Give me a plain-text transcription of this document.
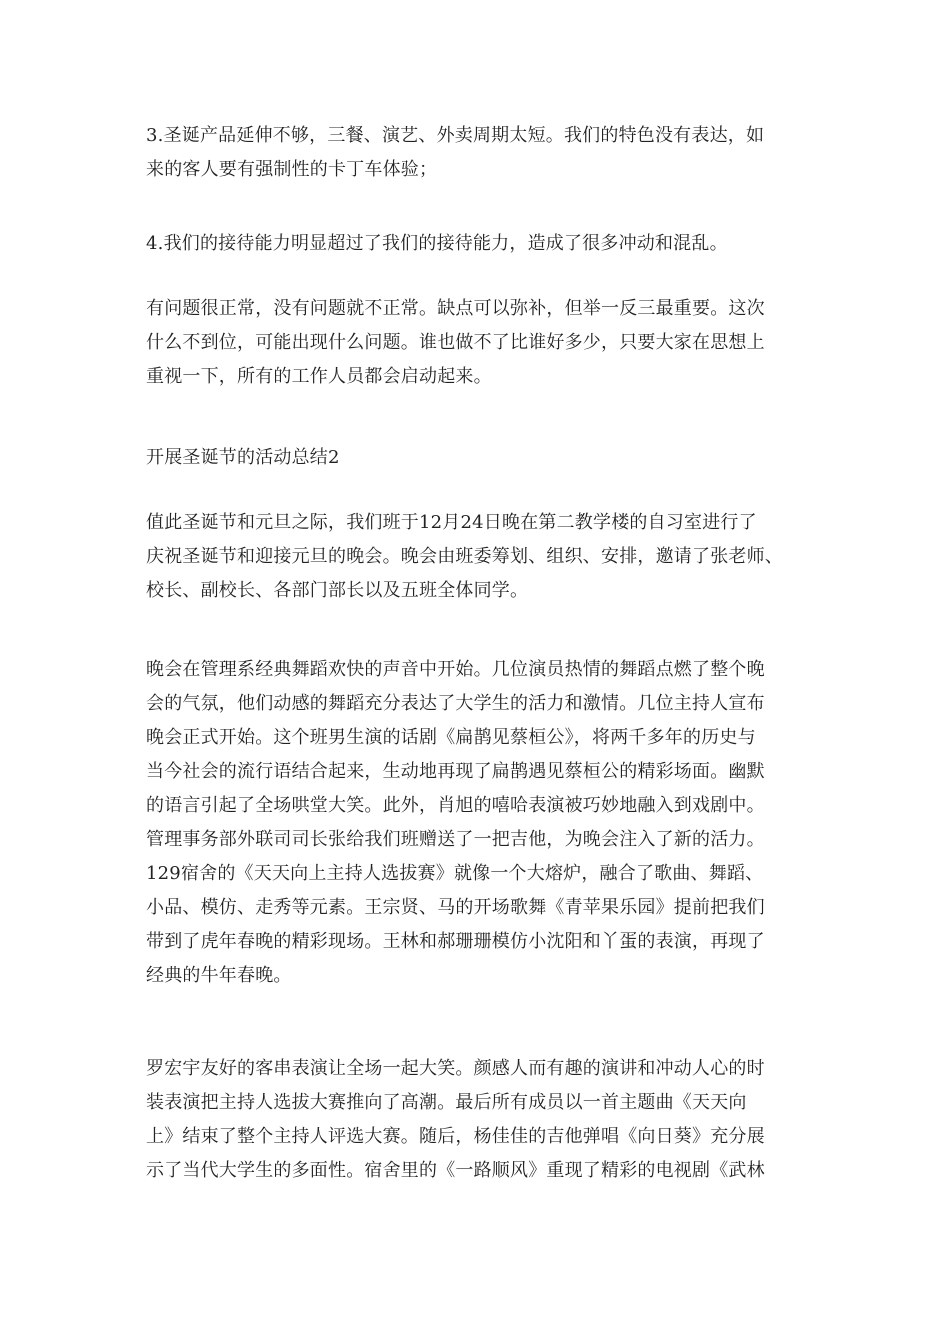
3.圣诞产品延伸不够，三餐、演艺、外卖周期太短。我们的特色没有表达，如
来的客人要有强制性的卡丁车体验；
4.我们的接待能力明显超过了我们的接待能力，造成了很多冲动和混乱。
有问题很正常，没有问题就不正常。缺点可以弥补，但举一反三最重要。这次
什么不到位，可能出现什么问题。谁也做不了比谁好多少，只要大家在思想上
重视一下，所有的工作人员都会启动起来。
开展圣诞节的活动总结2
值此圣诞节和元旦之际，我们班于12月24日晚在第二教学楼的自习室进行了
庆祝圣诞节和迎接元旦的晚会。晚会由班委筹划、组织、安排，邀请了张老师、
校长、副校长、各部门部长以及五班全体同学。
晚会在管理系经典舞蹈欢快的声音中开始。几位演员热情的舞蹈点燃了整个晚
会的气氛，他们动感的舞蹈充分表达了大学生的活力和激情。几位主持人宣布
晚会正式开始。这个班男生演的话剧《扁鹊见蔡桓公》，将两千多年的历史与
当今社会的流行语结合起来，生动地再现了扁鹊遇见蔡桓公的精彩场面。幽默
的语言引起了全场哄堂大笑。此外，肖旭的嘻哈表演被巧妙地融入到戏剧中。
管理事务部外联司司长张给我们班赠送了一把吉他，为晚会注入了新的活力。
129宿舍的《天天向上主持人选拔赛》就像一个大熔炉，融合了歌曲、舞蹈、
小品、模仿、走秀等元素。王宗贤、马的开场歌舞《青苹果乐园》提前把我们
带到了虎年春晚的精彩现场。王林和郝珊珊模仿小沈阳和丫蛋的表演，再现了
经典的牛年春晚。
罗宏宇友好的客串表演让全场一起大笑。颜感人而有趣的演讲和冲动人心的时
装表演把主持人选拔大赛推向了高潮。最后所有成员以一首主题曲《天天向
上》结束了整个主持人评选大赛。随后，杨佳佳的吉他弹唱《向日葵》充分展
示了当代大学生的多面性。宿舍里的《一路顺风》重现了精彩的电视剧《武林
